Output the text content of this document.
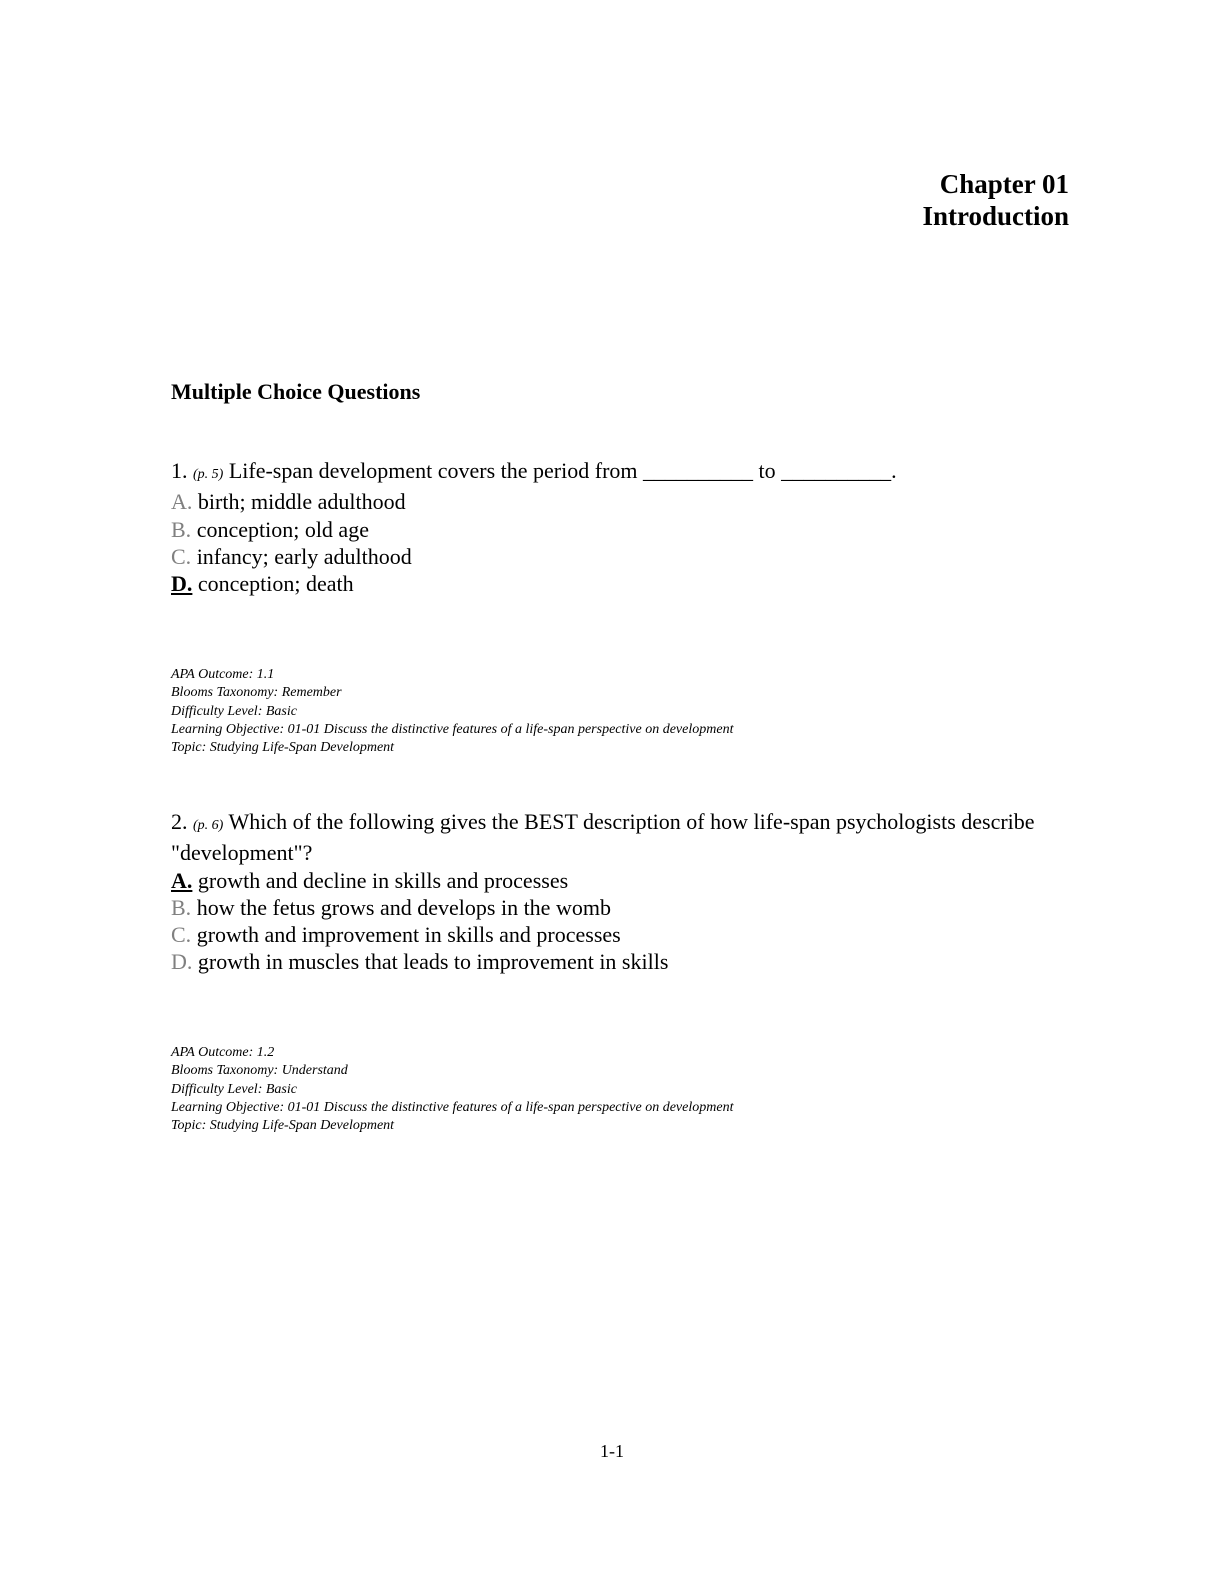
Chapter 01
Introduction
Multiple Choice Questions
1. (p. 5) Life-span development covers the period from __________ to __________.
A. birth; middle adulthood
B. conception; old age
C. infancy; early adulthood
D. conception; death
APA Outcome: 1.1
Blooms Taxonomy: Remember
Difficulty Level: Basic
Learning Objective: 01-01 Discuss the distinctive features of a life-span perspective on development
Topic: Studying Life-Span Development
2. (p. 6) Which of the following gives the BEST description of how life-span psychologists describe "development"?
A. growth and decline in skills and processes
B. how the fetus grows and develops in the womb
C. growth and improvement in skills and processes
D. growth in muscles that leads to improvement in skills
APA Outcome: 1.2
Blooms Taxonomy: Understand
Difficulty Level: Basic
Learning Objective: 01-01 Discuss the distinctive features of a life-span perspective on development
Topic: Studying Life-Span Development
1-1
